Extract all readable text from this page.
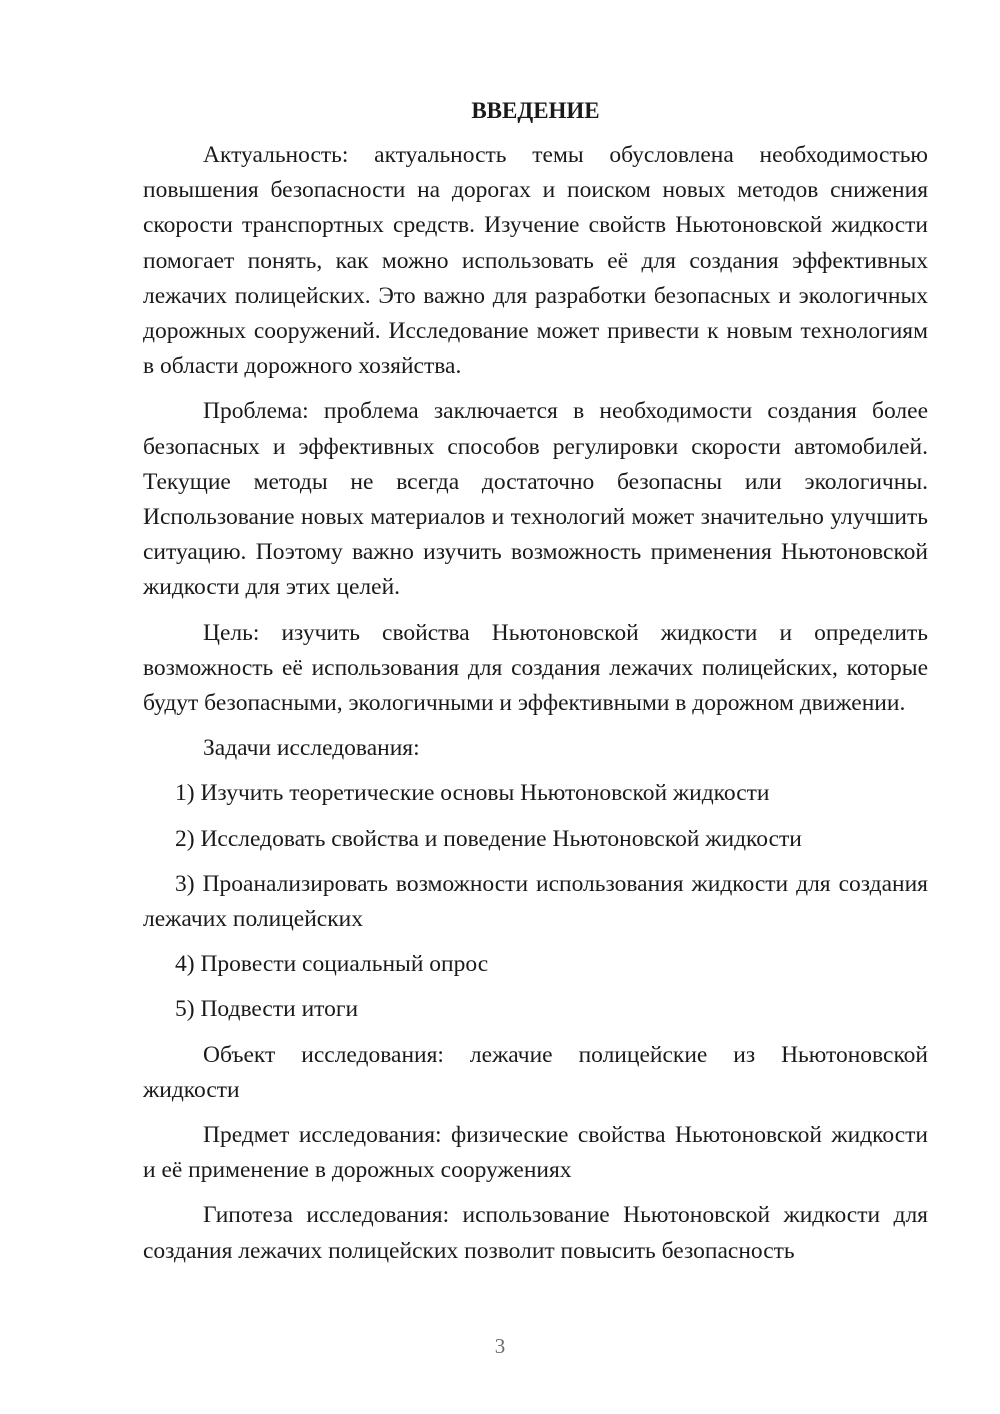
ВВЕДЕНИЕ

Актуальность: актуальность темы обусловлена необходимостью повышения безопасности на дорогах и поиском новых методов снижения скорости транспортных средств. Изучение свойств Ньютоновской жидкости помогает понять, как можно использовать её для создания эффективных лежачих полицейских. Это важно для разработки безопасных и экологичных дорожных сооружений. Исследование может привести к новым технологиям в области дорожного хозяйства.

Проблема: проблема заключается в необходимости создания более безопасных и эффективных способов регулировки скорости автомобилей. Текущие методы не всегда достаточно безопасны или экологичны. Использование новых материалов и технологий может значительно улучшить ситуацию. Поэтому важно изучить возможность применения Ньютоновской жидкости для этих целей.

Цель: изучить свойства Ньютоновской жидкости и определить возможность её использования для создания лежачих полицейских, которые будут безопасными, экологичными и эффективными в дорожном движении.

Задачи исследования:

1) Изучить теоретические основы Ньютоновской жидкости

2) Исследовать свойства и поведение Ньютоновской жидкости

3) Проанализировать возможности использования жидкости для создания лежачих полицейских

4) Провести социальный опрос

5) Подвести итоги

Объект исследования: лежачие полицейские из Ньютоновской жидкости

Предмет исследования: физические свойства Ньютоновской жидкости и её применение в дорожных сооружениях

Гипотеза исследования: использование Ньютоновской жидкости для создания лежачих полицейских позволит повысить безопасность

3
